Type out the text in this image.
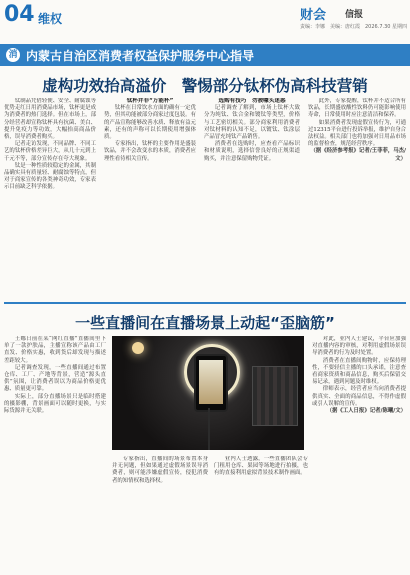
04 维权	财会 信报
责编：李娜　美编：唐红霞　2026.7.30 星期四
消 内蒙古自治区消费者权益保护服务中心指导
虚构功效抬高溢价　警惕部分钛杯伪高科技营销

钛制品凭借轻便、安全、耐腐蚀等优势走红日用消费品市场，钛杯更是成为消费者的热门选择。但在市场上，部分经营者却宣称钛杯具有抗菌、美白、提升免疫力等功效，大幅抬高商品价格，误导消费者购买。

记者走访发现，不同品牌、不同工艺的钛杯价格差异巨大，从几十元到上千元不等，部分宣传存在夸大现象。

钛是一种性质较稳定的金属，其制品确实具有质量轻、耐腐蚀等特点，但对于商家宣传的各类神奇功效，专家表示目前缺乏科学依据。

钛杯并非“万能杯”

钛杯在日常饮水方面的确有一定优势，但其功能被部分商家过度包装。有的产品宣称能够改善水质、释放有益元素，还有的声称可以长期使用增强体质。

专家指出，钛杯的主要作用是盛装饮品，并不会改变水的本质，消费者应理性看待相关宣传。

选购有技巧　勿被噱头迷惑

记者调查了解到，市场上钛杯大致分为纯钛、钛合金和镀钛等类型，价格与工艺密切相关。部分商家利用消费者对钛材料的认知不足，以镀钛、钛涂层产品冒充纯钛产品销售。

消费者在选购时，应查看产品标识和材质说明，选择信誉良好的正规渠道购买，并注意保留购物凭证。

此外，专家提醒，钛杯并不适合所有饮品，长期盛放酸性饮料仍可能影响使用寿命，日常使用时应注意清洁和保养。

如果消费者发现虚假宣传行为，可通过12315平台进行投诉举报，维护自身合法权益。相关部门也将加强对日用品市场的监督检查，规范经营秩序。

（据《经济参考报》记者/王菲菲，马杰/文）

一些直播间在直播场景上动起“歪脑筋”

王娜日前在某“网红直播”直播间里下单了一款护肤品，主播宣称该产品由工厂直发、价格实惠，收到货后却发现与描述差距较大。

记者调查发现，一些直播间通过布置仓库、工厂、产地等背景，营造“源头直供”氛围，让消费者误以为商品价格更优惠、质量更可靠。

实际上，部分直播场景只是临时搭建的摄影棚，背景画面可以随时更换，与实际货源并无关联。

专家指出，直播间的场景布置本身并无问题，但如果通过虚假场景误导消费者，则可能涉嫌虚假宣传，侵犯消费者的知情权和选择权。

业内人士透露，一些直播团队会专门租用仓库、果园等场地进行拍摄，也有的直接利用虚拟背景技术制作画面。

对此，业内人士建议，平台应加强对直播内容的审核，对利用虚假场景误导消费者的行为及时处置。

消费者在直播间购物时，应保持理性，不要轻信主播的口头承诺，注意查看商家资质和商品信息，购买后保留交易记录，遇到问题及时维权。

律师表示，经营者应当向消费者提供真实、全面的商品信息，不得作虚假或引人误解的宣传。

（据《工人日报》记者/陈曦/文）
